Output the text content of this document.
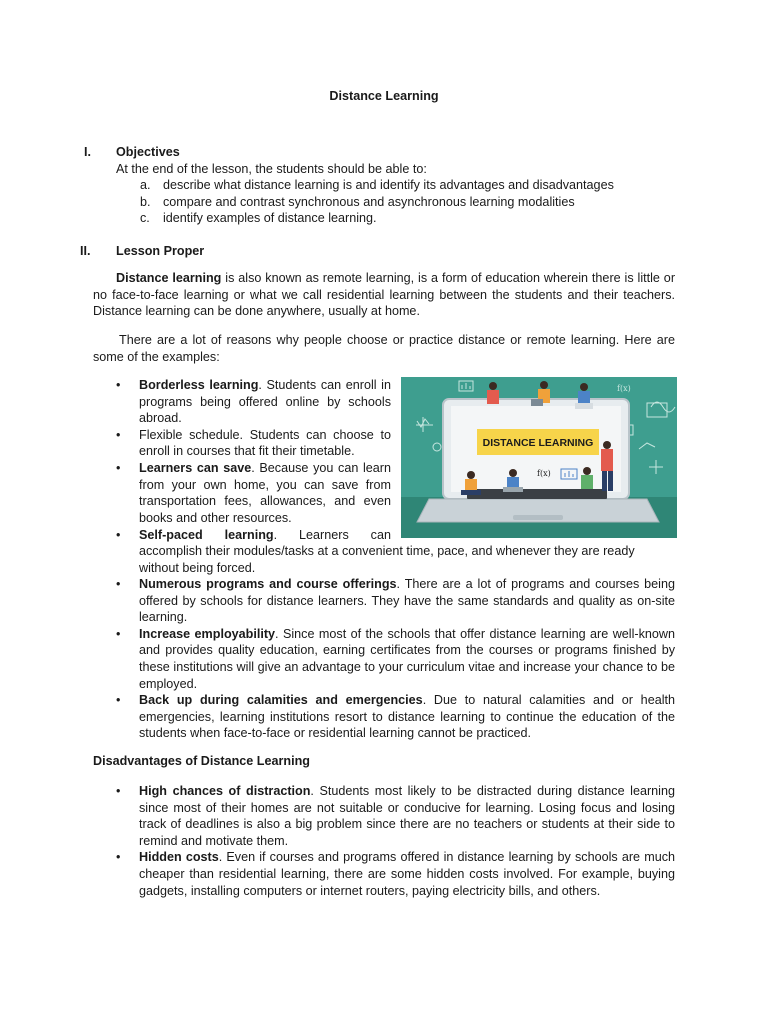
Distance Learning
I. Objectives
At the end of the lesson, the students should be able to:
a. describe what distance learning is and identify its advantages and disadvantages
b. compare and contrast synchronous and asynchronous learning modalities
c. identify examples of distance learning.
II. Lesson Proper
Distance learning is also known as remote learning, is a form of education wherein there is little or no face-to-face learning or what we call residential learning between the students and their teachers. Distance learning can be done anywhere, usually at home.
There are a lot of reasons why people choose or practice distance or remote learning. Here are some of the examples:
f(x)
DISTANCE LEARNING
f(x)
• Borderless learning. Students can enroll in programs being offered online by schools abroad.
• Flexible schedule. Students can choose to enroll in courses that fit their timetable.
• Learners can save. Because you can learn from your own home, you can save from transportation fees, allowances, and even books and other resources.
• Self-paced learning. Learners can
accomplish their modules/tasks at a convenient time, pace, and whenever they are ready without being forced.
• Numerous programs and course offerings. There are a lot of programs and courses being offered by schools for distance learners. They have the same standards and quality as on-site learning.
• Increase employability. Since most of the schools that offer distance learning are well-known and provides quality education, earning certificates from the courses or programs finished by these institutions will give an advantage to your curriculum vitae and increase your chance to be employed.
• Back up during calamities and emergencies. Due to natural calamities and or health emergencies, learning institutions resort to distance learning to continue the education of the students when face-to-face or residential learning cannot be practiced.
Disadvantages of Distance Learning
• High chances of distraction. Students most likely to be distracted during distance learning since most of their homes are not suitable or conducive for learning. Losing focus and losing track of deadlines is also a big problem since there are no teachers or students at their side to remind and motivate them.
• Hidden costs. Even if courses and programs offered in distance learning by schools are much cheaper than residential learning, there are some hidden costs involved. For example, buying gadgets, installing computers or internet routers, paying electricity bills, and others.
